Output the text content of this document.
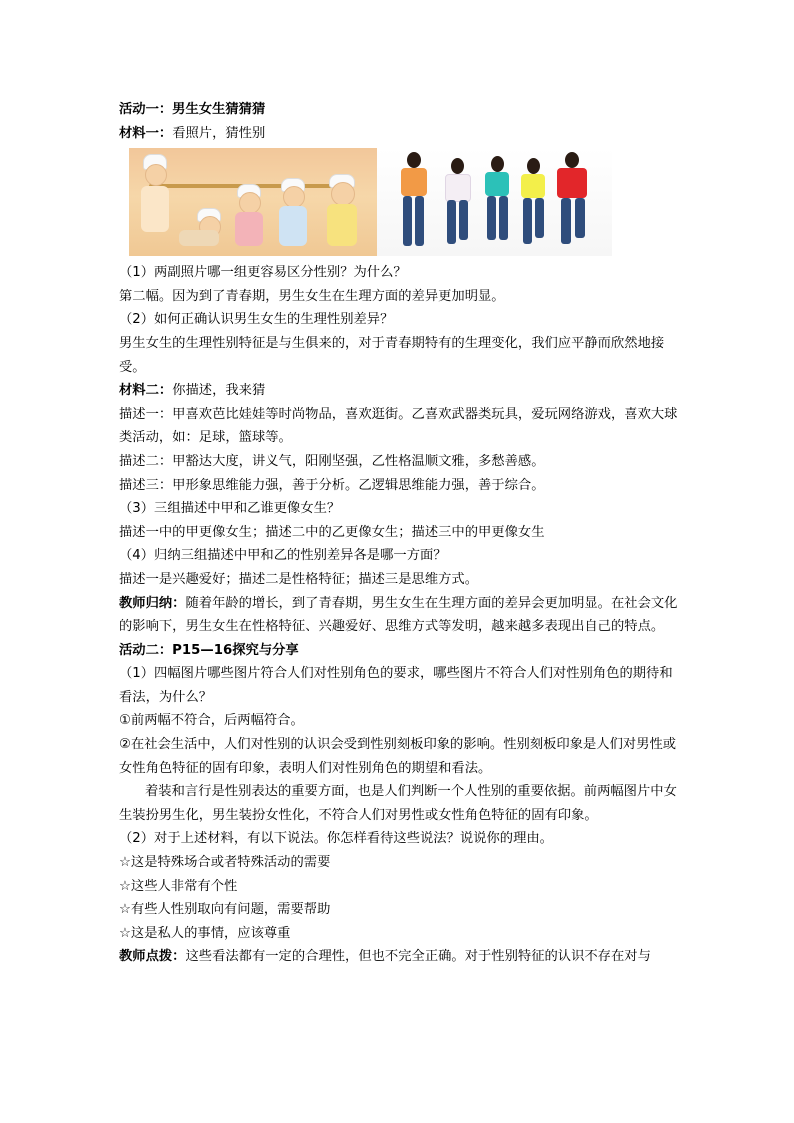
活动一：男生女生猜猜猜
材料一：看照片，猜性别
（1）两副照片哪一组更容易区分性别？为什么？
第二幅。因为到了青春期，男生女生在生理方面的差异更加明显。
（2）如何正确认识男生女生的生理性别差异？
男生女生的生理性别特征是与生俱来的，对于青春期特有的生理变化，我们应平静而欣然地接受。
材料二：你描述，我来猜
描述一：甲喜欢芭比娃娃等时尚物品，喜欢逛街。乙喜欢武器类玩具，爱玩网络游戏，喜欢大球类活动，如：足球，篮球等。
描述二：甲豁达大度，讲义气，阳刚坚强，乙性格温顺文雅，多愁善感。
描述三：甲形象思维能力强，善于分析。乙逻辑思维能力强，善于综合。
（3）三组描述中甲和乙谁更像女生？
描述一中的甲更像女生；描述二中的乙更像女生；描述三中的甲更像女生
（4）归纳三组描述中甲和乙的性别差异各是哪一方面？
描述一是兴趣爱好；描述二是性格特征；描述三是思维方式。
教师归纳：随着年龄的增长，到了青春期，男生女生在生理方面的差异会更加明显。在社会文化的影响下，男生女生在性格特征、兴趣爱好、思维方式等发明，越来越多表现出自己的特点。
活动二：P15—16探究与分享
（1）四幅图片哪些图片符合人们对性别角色的要求，哪些图片不符合人们对性别角色的期待和看法，为什么？
①前两幅不符合，后两幅符合。
②在社会生活中，人们对性别的认识会受到性别刻板印象的影响。性别刻板印象是人们对男性或女性角色特征的固有印象，表明人们对性别角色的期望和看法。
着装和言行是性别表达的重要方面，也是人们判断一个人性别的重要依据。前两幅图片中女生装扮男生化，男生装扮女性化，不符合人们对男性或女性角色特征的固有印象。
（2）对于上述材料，有以下说法。你怎样看待这些说法？说说你的理由。
☆这是特殊场合或者特殊活动的需要
☆这些人非常有个性
☆有些人性别取向有问题，需要帮助
☆这是私人的事情，应该尊重
教师点拨：这些看法都有一定的合理性，但也不完全正确。对于性别特征的认识不存在对与
